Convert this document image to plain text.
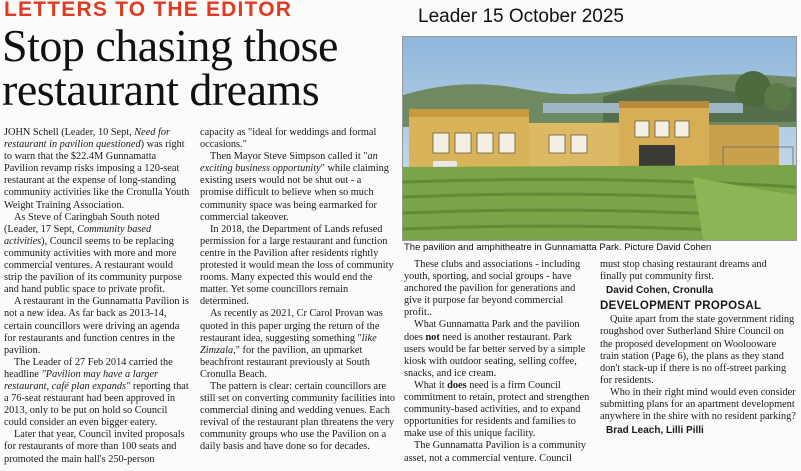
LETTERS TO THE EDITOR	Leader 15 October 2025
Stop chasing those restaurant dreams

JOHN Schell (Leader, 10 Sept, Need for restaurant in pavilion questioned) was right to warn that the $22.4M Gunnamatta Pavilion revamp risks imposing a 120-seat restaurant at the expense of long-standing community activities like the Cronulla Youth Weight Training Association.

As Steve of Caringbah South noted (Leader, 17 Sept, Community based activities), Council seems to be replacing community activities with more and more commercial ventures. A restaurant would strip the pavilion of its community purpose and hand public space to private profit.

A restaurant in the Gunnamatta Pavilion is not a new idea. As far back as 2013-14, certain councillors were driving an agenda for restaurants and function centres in the pavilion.

The Leader of 27 Feb 2014 carried the headline "Pavilion may have a larger restaurant, café plan expands" reporting that a 76-seat restaurant had been approved in 2013, only to be put on hold so Council could consider an even bigger eatery.

Later that year, Council invited proposals for restaurants of more than 100 seats and promoted the main hall's 250-person

capacity as "ideal for weddings and formal occasions."

Then Mayor Steve Simpson called it "an exciting business opportunity" while claiming existing users would not be shut out - a promise difficult to believe when so much community space was being earmarked for commercial takeover.

In 2018, the Department of Lands refused permission for a large restaurant and function centre in the Pavilion after residents rightly protested it would mean the loss of community rooms. Many expected this would end the matter. Yet some councillors remain determined.

As recently as 2021, Cr Carol Provan was quoted in this paper urging the return of the restaurant idea, suggesting something "like Zimzala," for the pavilion, an upmarket beachfront restaurant previously at South Cronulla Beach.

The pattern is clear: certain councillors are still set on converting community facilities into commercial dining and wedding venues. Each revival of the restaurant plan threatens the very community groups who use the Pavilion on a daily basis and have done so for decades.

The pavilion and amphitheatre in Gunnamatta Park. Picture David Cohen

These clubs and associations - including youth, sporting, and social groups - have anchored the pavilion for generations and give it purpose far beyond commercial profit..

What Gunnamatta Park and the pavilion does not need is another restaurant. Park users would be far better served by a simple kiosk with outdoor seating, selling coffee, snacks, and ice cream.

What it does need is a firm Council commitment to retain, protect and strengthen community-based activities, and to expand opportunities for residents and families to make use of this unique facility.

The Gunnamatta Pavilion is a community asset, not a commercial venture. Council

must stop chasing restaurant dreams and finally put community first.

David Cohen, Cronulla
DEVELOPMENT PROPOSAL

Quite apart from the state government riding roughshod over Sutherland Shire Council on the proposed development on Woolooware train station (Page 6), the plans as they stand don't stack-up if there is no off-street parking for residents.

Who in their right mind would even consider submitting plans for an apartment development anywhere in the shire with no resident parking?

Brad Leach, Lilli Pilli
